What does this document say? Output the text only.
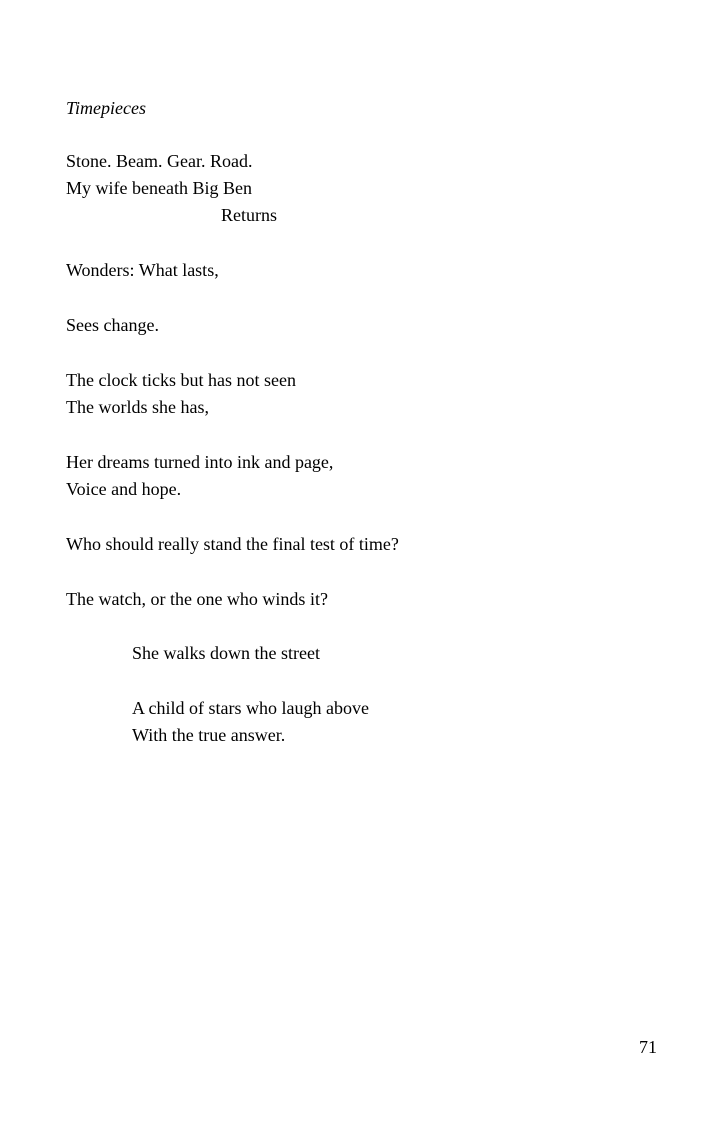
Timepieces
Stone. Beam. Gear. Road.
My wife beneath Big Ben
Returns
Wonders: What lasts,
Sees change.
The clock ticks but has not seen
The worlds she has,
Her dreams turned into ink and page,
Voice and hope.
Who should really stand the final test of time?
The watch, or the one who winds it?
She walks down the street
A child of stars who laugh above
With the true answer.
71
